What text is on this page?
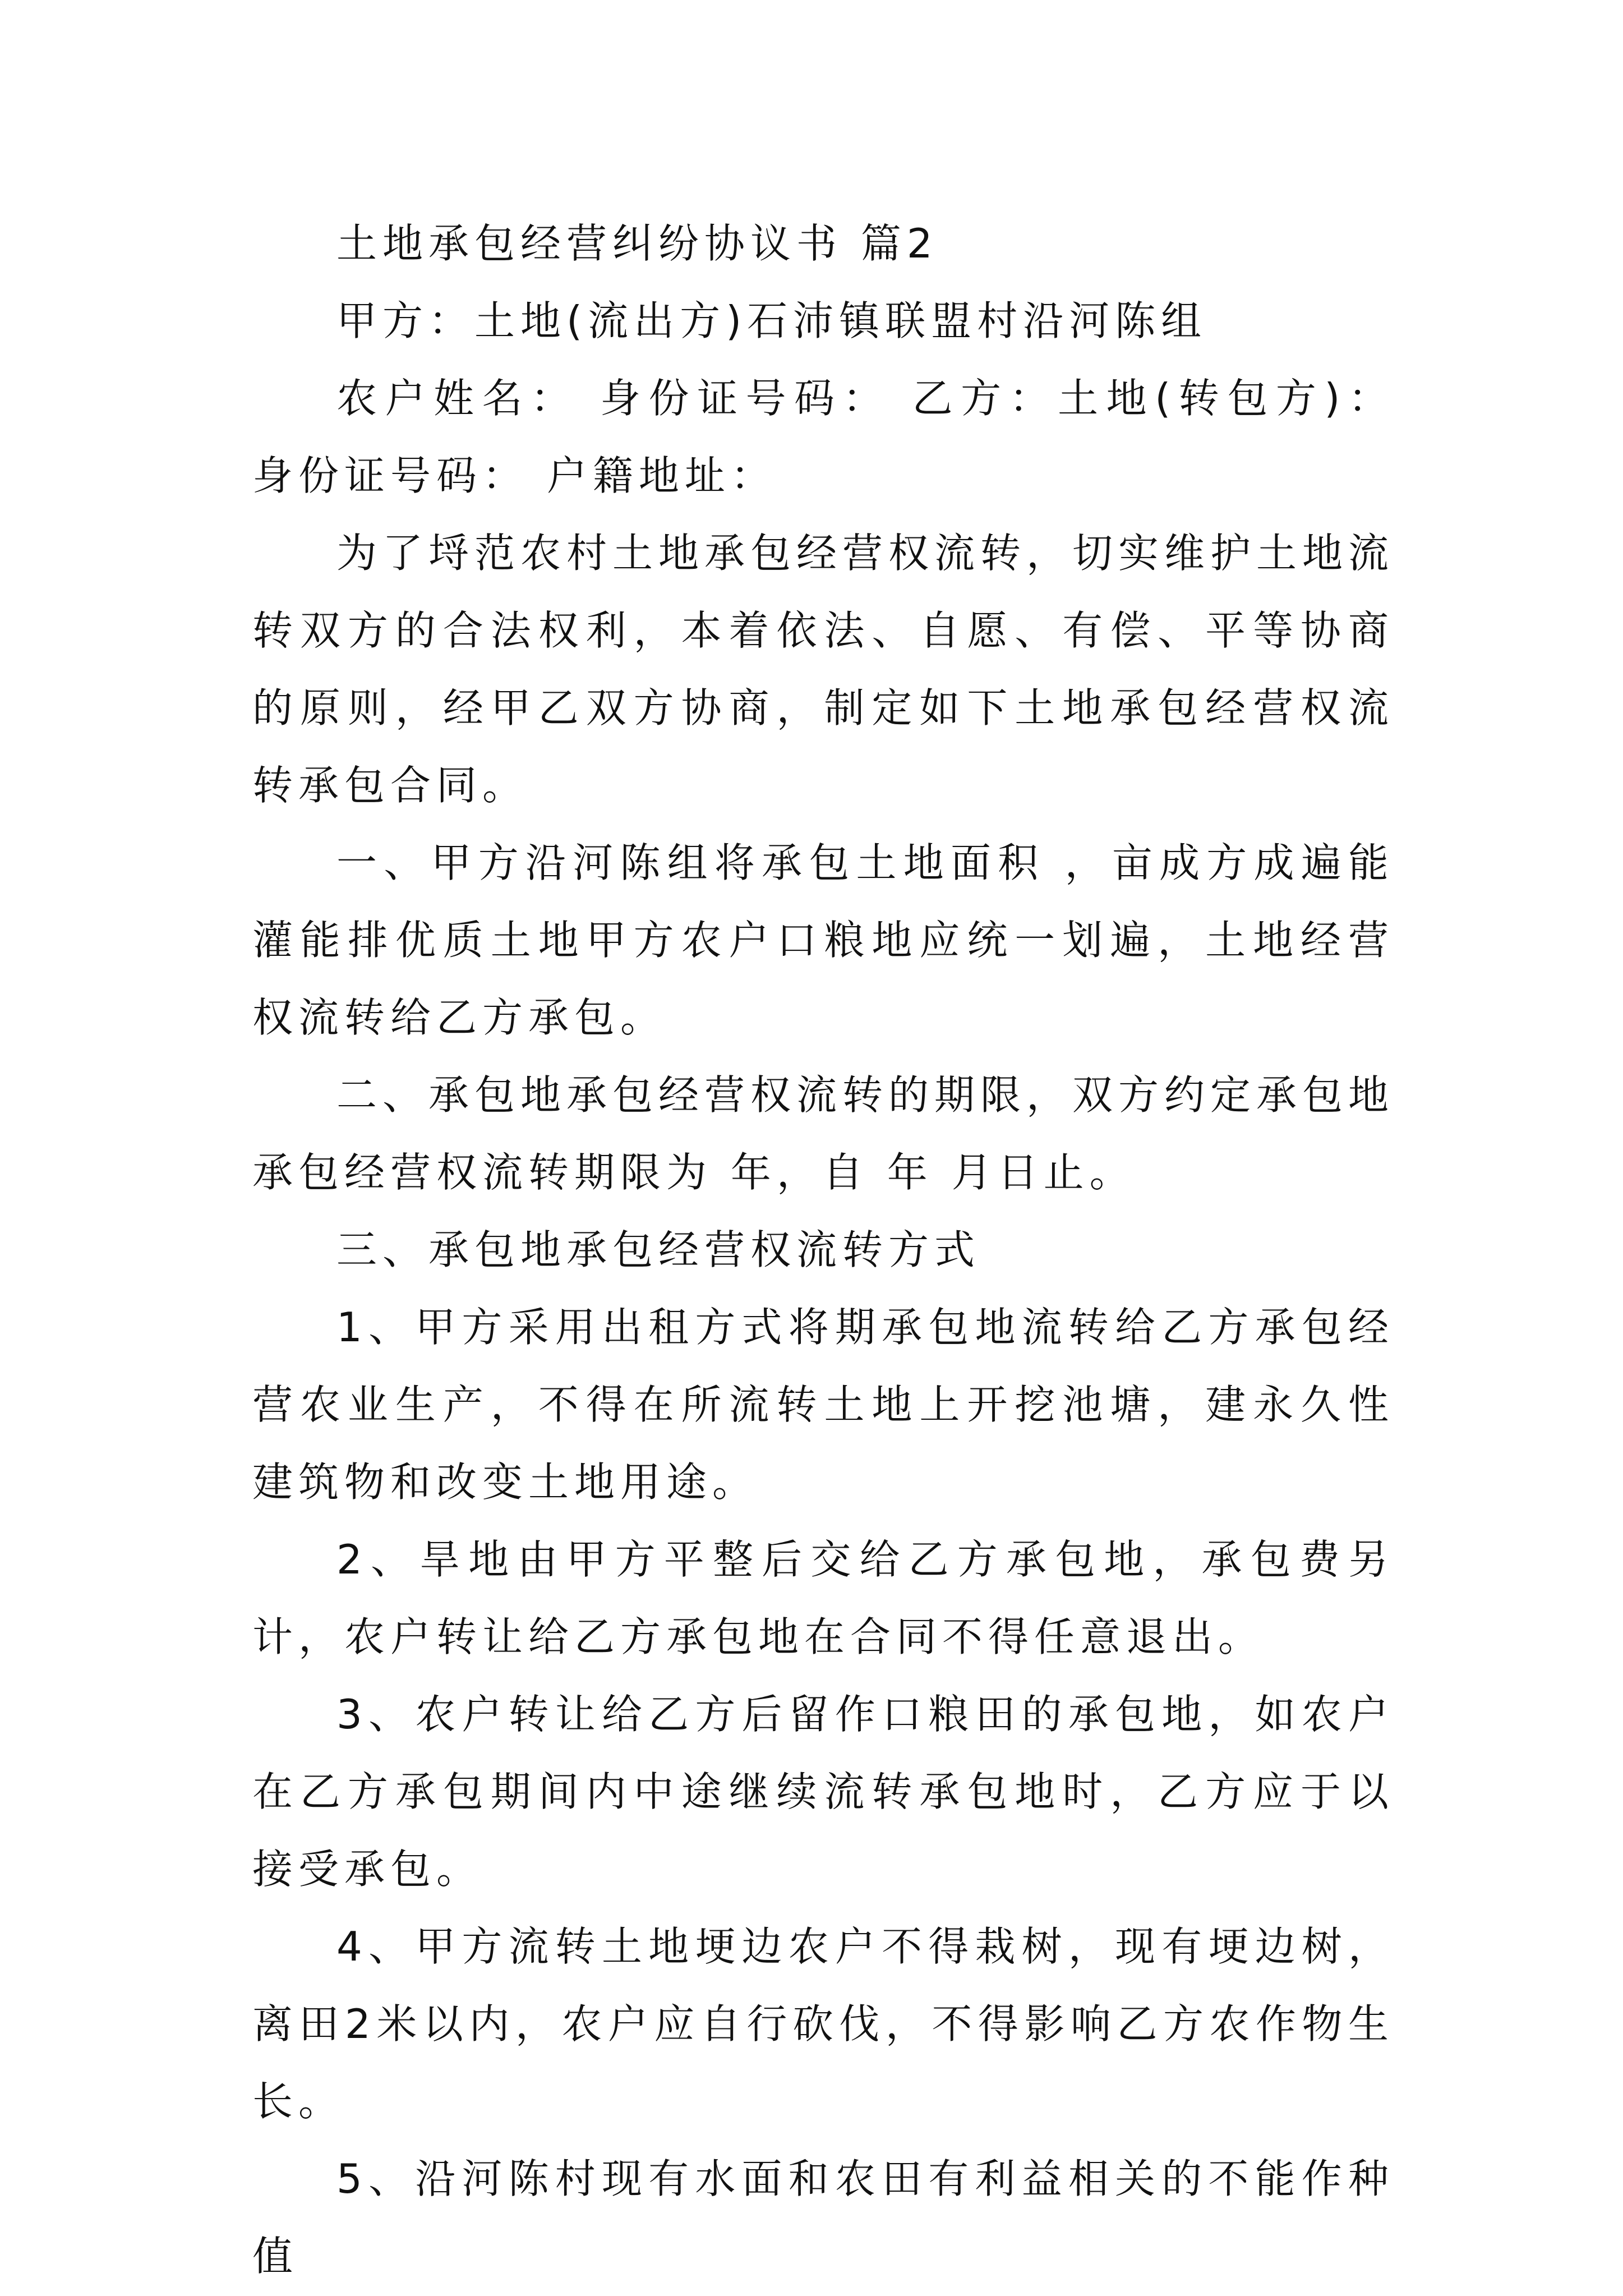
土地承包经营纠纷协议书 篇2

甲方：土地(流出方)石沛镇联盟村沿河陈组

农户姓名： 身份证号码： 乙方：土地(转包方)： 身份证号码： 户籍地址：

为了埒范农村土地承包经营权流转，切实维护土地流转双方的合法权利，本着依法、自愿、有偿、平等协商的原则，经甲乙双方协商，制定如下土地承包经营权流转承包合同。

一、甲方沿河陈组将承包土地面积 ，亩成方成遍能灌能排优质土地甲方农户口粮地应统一划遍，土地经营权流转给乙方承包。

二、承包地承包经营权流转的期限，双方约定承包地承包经营权流转期限为 年，自 年 月日止。

三、承包地承包经营权流转方式

1、甲方采用出租方式将期承包地流转给乙方承包经营农业生产，不得在所流转土地上开挖池塘，建永久性建筑物和改变土地用途。

2、旱地由甲方平整后交给乙方承包地，承包费另计，农户转让给乙方承包地在合同不得任意退出。

3、农户转让给乙方后留作口粮田的承包地，如农户在乙方承包期间内中途继续流转承包地时，乙方应于以接受承包。

4、甲方流转土地埂边农户不得栽树，现有埂边树，离田2米以内，农户应自行砍伐，不得影响乙方农作物生长。

5、沿河陈村现有水面和农田有利益相关的不能作种值
